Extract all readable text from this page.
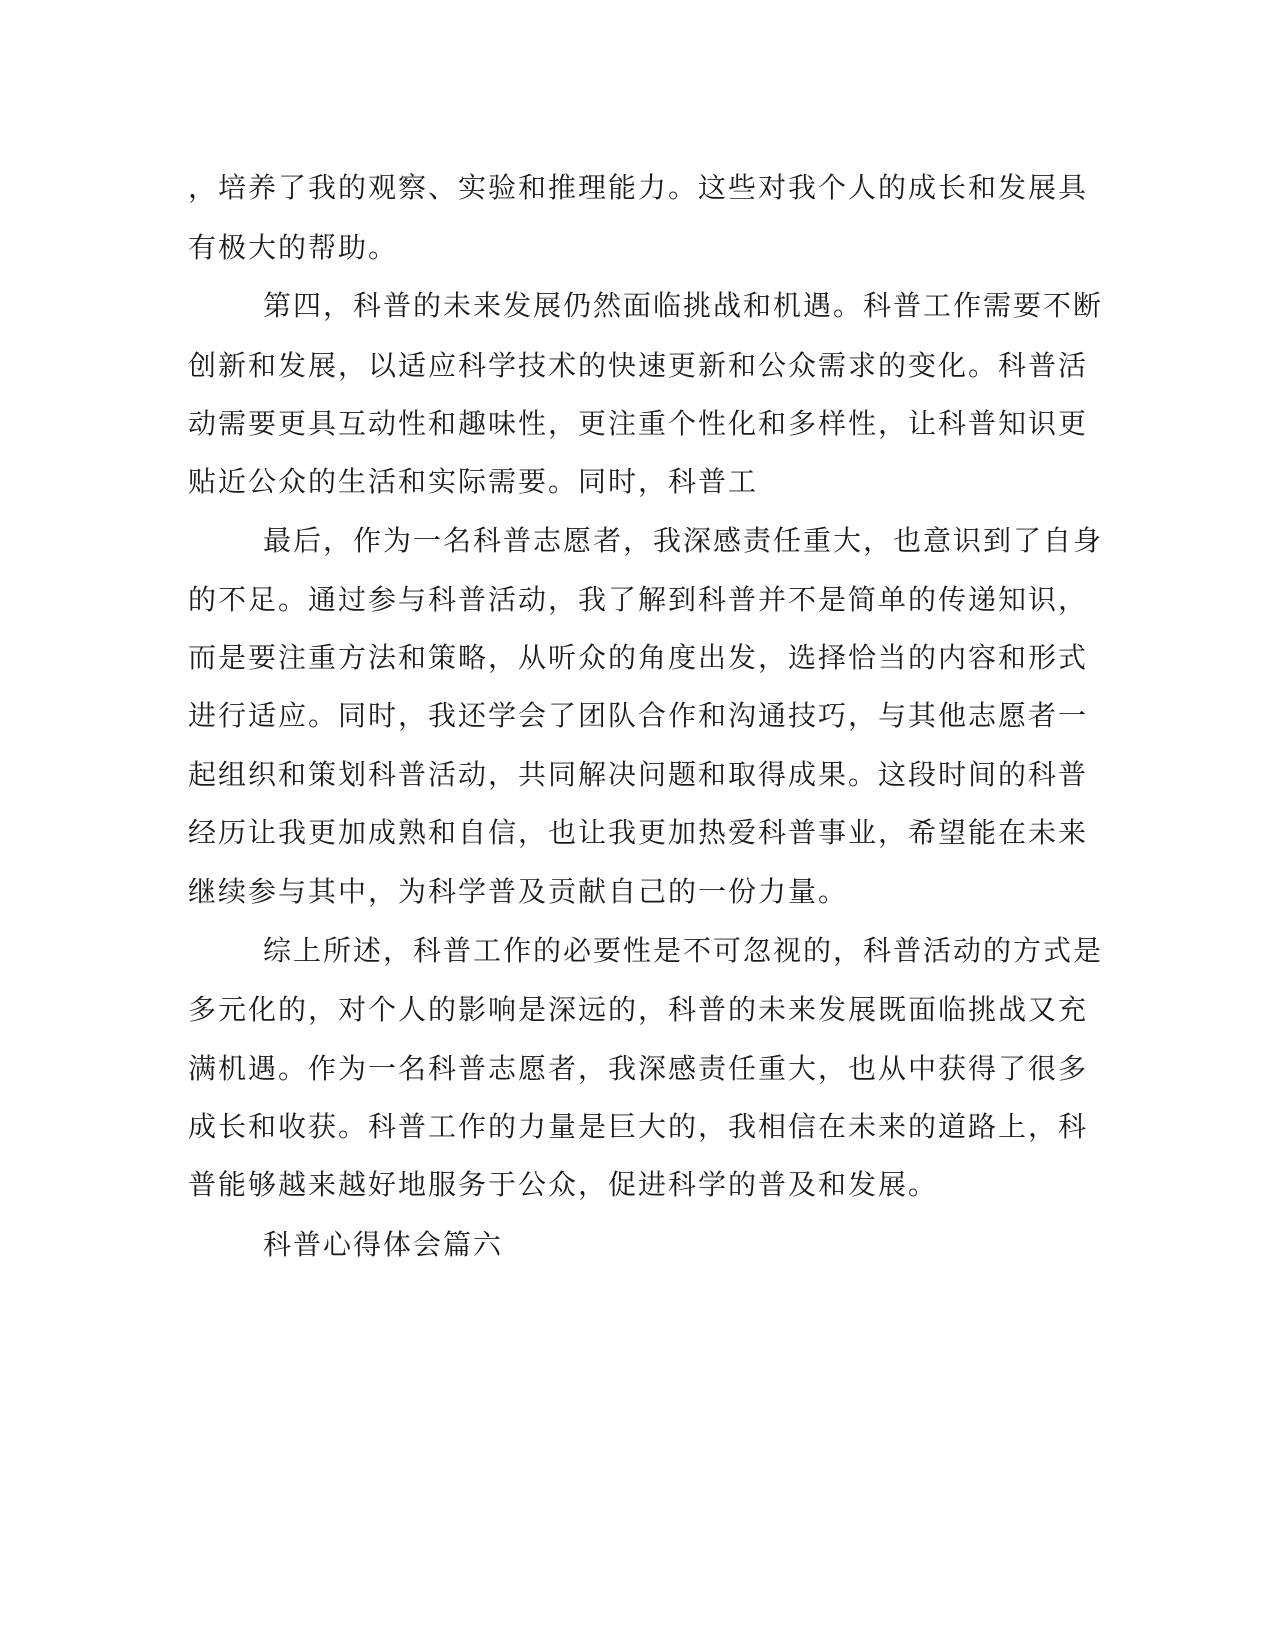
，培养了我的观察、实验和推理能力。这些对我个人的成长和发展具
有极大的帮助。
第四，科普的未来发展仍然面临挑战和机遇。科普工作需要不断
创新和发展，以适应科学技术的快速更新和公众需求的变化。科普活
动需要更具互动性和趣味性，更注重个性化和多样性，让科普知识更
贴近公众的生活和实际需要。同时，科普工
最后，作为一名科普志愿者，我深感责任重大，也意识到了自身
的不足。通过参与科普活动，我了解到科普并不是简单的传递知识，
而是要注重方法和策略，从听众的角度出发，选择恰当的内容和形式
进行适应。同时，我还学会了团队合作和沟通技巧，与其他志愿者一
起组织和策划科普活动，共同解决问题和取得成果。这段时间的科普
经历让我更加成熟和自信，也让我更加热爱科普事业，希望能在未来
继续参与其中，为科学普及贡献自己的一份力量。
综上所述，科普工作的必要性是不可忽视的，科普活动的方式是
多元化的，对个人的影响是深远的，科普的未来发展既面临挑战又充
满机遇。作为一名科普志愿者，我深感责任重大，也从中获得了很多
成长和收获。科普工作的力量是巨大的，我相信在未来的道路上，科
普能够越来越好地服务于公众，促进科学的普及和发展。
科普心得体会篇六
